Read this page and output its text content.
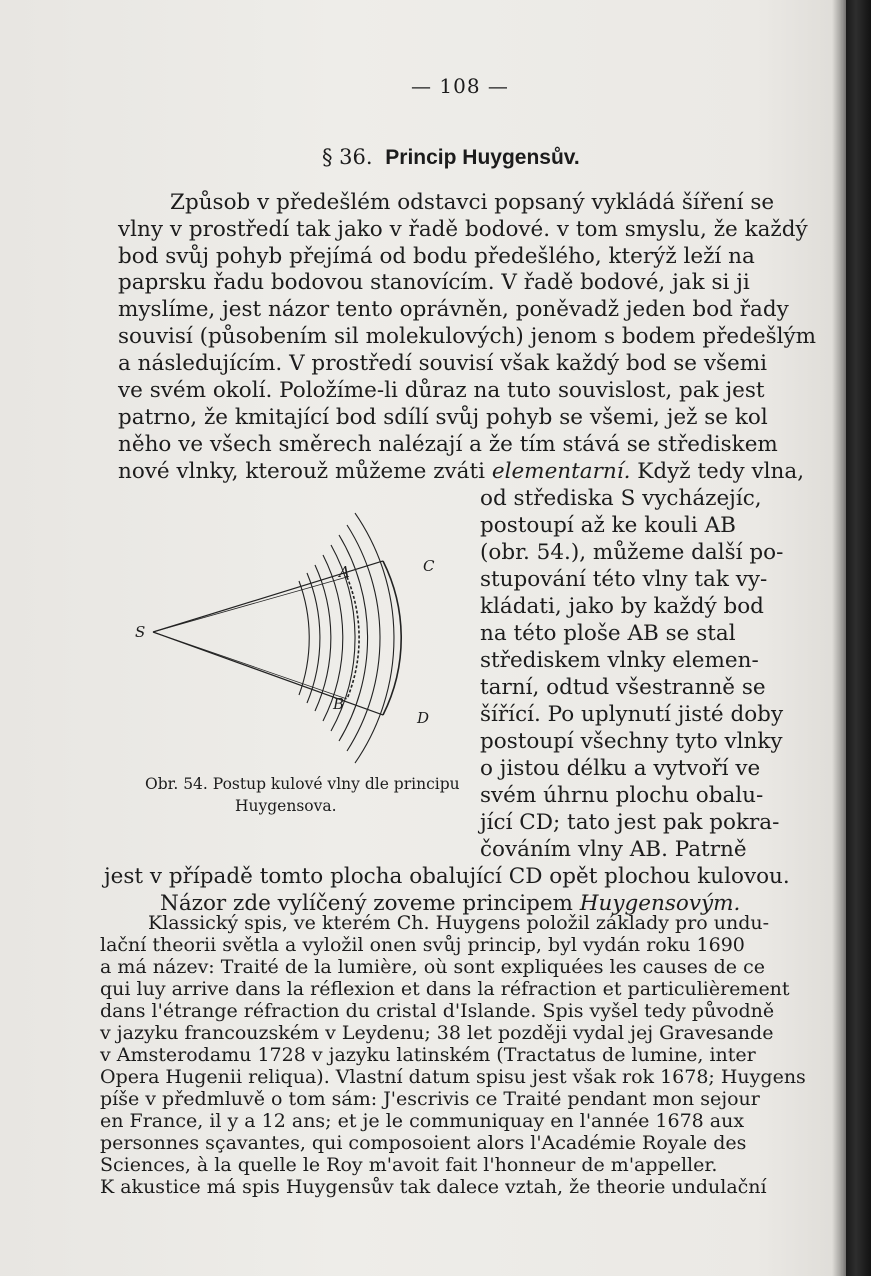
— 108 —
§ 36. Princip Huygensův.
Způsob v předešlém odstavci popsaný vykládá šíření se
vlny v prostředí tak jako v řadě bodové. v tom smyslu, že každý
bod svůj pohyb přejímá od bodu předešlého, kterýž leží na
paprsku řadu bodovou stanovícím. V řadě bodové, jak si ji
myslíme, jest názor tento oprávněn, poněvadž jeden bod řady
souvisí (působením sil molekulových) jenom s bodem předešlým
a následujícím. V prostředí souvisí však každý bod se všemi
ve svém okolí. Položíme-li důraz na tuto souvislost, pak jest
patrno, že kmitající bod sdílí svůj pohyb se všemi, jež se kol
něho ve všech směrech nalézají a že tím stává se střediskem
nové vlnky, kterouž můžeme zváti elementarní. Když tedy vlna,
od střediska S vycházejíc,
postoupí až ke kouli AB
(obr. 54.), můžeme další po-
stupování této vlny tak vy-
kládati, jako by každý bod
na této ploše AB se stal
střediskem vlnky elemen-
tarní, odtud všestranně se
šířící. Po uplynutí jisté doby
postoupí všechny tyto vlnky
o jistou délku a vytvoří ve
svém úhrnu plochu obalu-
jící CD; tato jest pak pokra-
čováním vlny AB. Patrně
jest v případě tomto plocha obalující CD opět plochou kulovou.
Názor zde vylíčený zoveme principem Huygensovým.
S
A
B
C
D
Obr. 54. Postup kulové vlny dle principu
Huygensova.
Klassický spis, ve kterém Ch. Huygens položil základy pro undu-
lační theorii světla a vyložil onen svůj princip, byl vydán roku 1690
a má název: Traité de la lumière, où sont expliquées les causes de ce
qui luy arrive dans la réflexion et dans la réfraction et particulièrement
dans l'étrange réfraction du cristal d'Islande. Spis vyšel tedy původně
v jazyku francouzském v Leydenu; 38 let později vydal jej Gravesande
v Amsterodamu 1728 v jazyku latinském (Tractatus de lumine, inter
Opera Hugenii reliqua). Vlastní datum spisu jest však rok 1678; Huygens
píše v předmluvě o tom sám: J'escrivis ce Traité pendant mon sejour
en France, il y a 12 ans; et je le communiquay en l'année 1678 aux
personnes sçavantes, qui composoient alors l'Académie Royale des
Sciences, à la quelle le Roy m'avoit fait l'honneur de m'appeller.
K akustice má spis Huygensův tak dalece vztah, že theorie undulační
